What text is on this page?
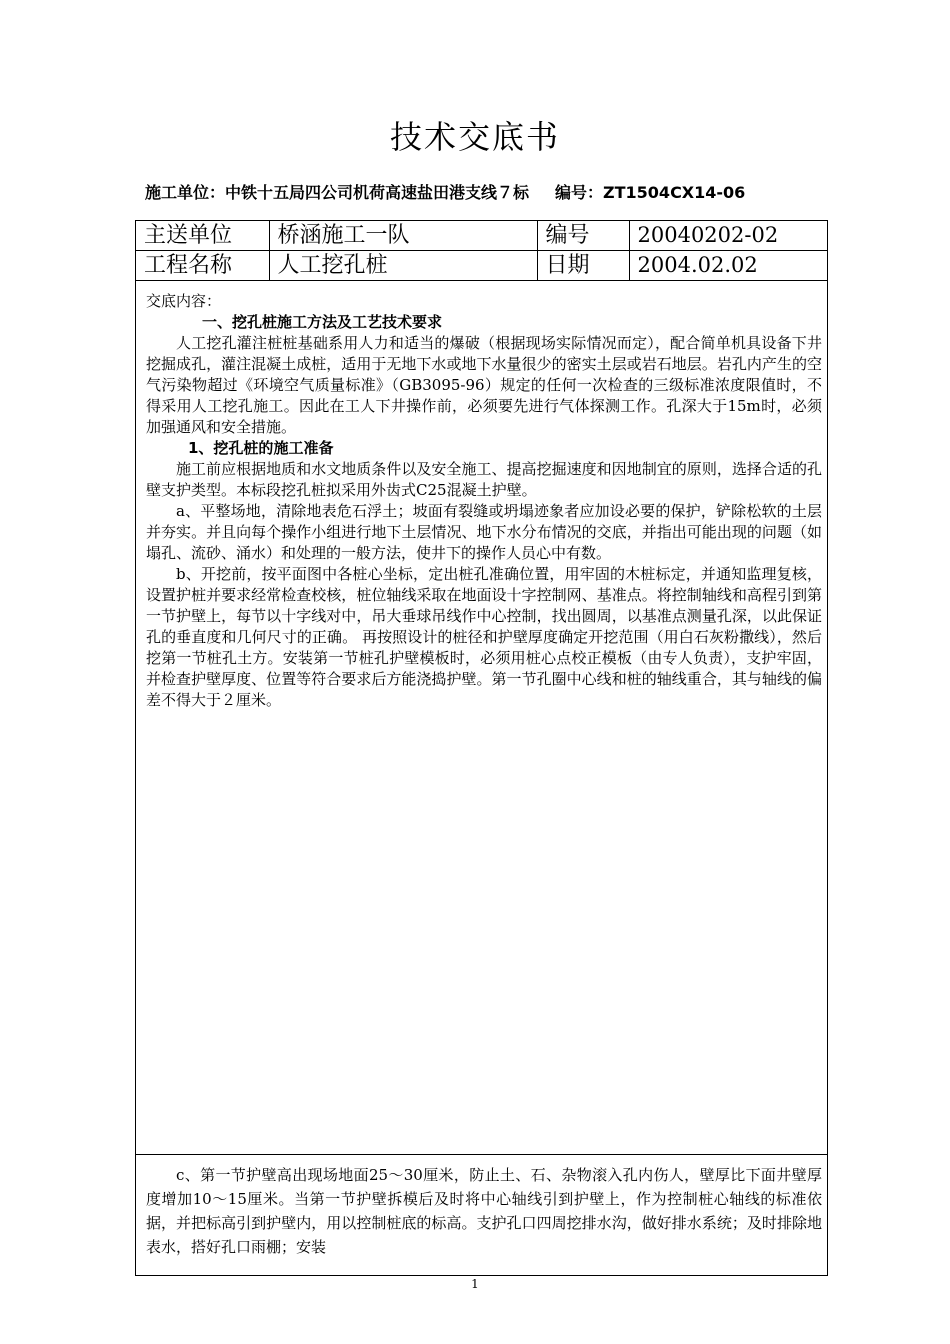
技术交底书
施工单位：中铁十五局四公司机荷高速盐田港支线７标 编号：ZT1504CX14-06
主送单位	桥涵施工一队	编号	20040202-02
工程名称	人工挖孔桩	日期	2004.02.02

交底内容：

一、挖孔桩施工方法及工艺技术要求

人工挖孔灌注桩桩基础系用人力和适当的爆破（根据现场实际情况而定），配合简单机具设备下井挖掘成孔，灌注混凝土成桩，适用于无地下水或地下水量很少的密实土层或岩石地层。岩孔内产生的空气污染物超过《环境空气质量标准》（GB3095-96）规定的任何一次检查的三级标准浓度限值时，不得采用人工挖孔施工。因此在工人下井操作前，必须要先进行气体探测工作。孔深大于15m时，必须加强通风和安全措施。

1、挖孔桩的施工准备

施工前应根据地质和水文地质条件以及安全施工、提高挖掘速度和因地制宜的原则，选择合适的孔壁支护类型。本标段挖孔桩拟采用外齿式C25混凝土护壁。

a、平整场地，清除地表危石浮土；坡面有裂缝或坍塌迹象者应加设必要的保护，铲除松软的土层并夯实。并且向每个操作小组进行地下土层情况、地下水分布情况的交底，并指出可能出现的问题（如塌孔、流砂、涌水）和处理的一般方法，使井下的操作人员心中有数。

b、开挖前，按平面图中各桩心坐标，定出桩孔准确位置，用牢固的木桩标定，并通知监理复核，设置护桩并要求经常检查校核，桩位轴线采取在地面设十字控制网、基准点。将控制轴线和高程引到第一节护壁上，每节以十字线对中，吊大垂球吊线作中心控制，找出圆周，以基准点测量孔深，以此保证孔的垂直度和几何尺寸的正确。 再按照设计的桩径和护壁厚度确定开挖范围（用白石灰粉撒线），然后挖第一节桩孔土方。安装第一节桩孔护壁模板时，必须用桩心点校正模板（由专人负责），支护牢固，并检查护壁厚度、位置等符合要求后方能浇捣护壁。第一节孔圈中心线和桩的轴线重合，其与轴线的偏差不得大于２厘米。

c、第一节护壁高出现场地面25～30厘米，防止土、石、杂物滚入孔内伤人，壁厚比下面井壁厚度增加10～15厘米。当第一节护壁拆模后及时将中心轴线引到护壁上，作为控制桩心轴线的标准依据，并把标高引到护壁内，用以控制桩底的标高。支护孔口四周挖排水沟，做好排水系统；及时排除地表水，搭好孔口雨棚；安装
1
